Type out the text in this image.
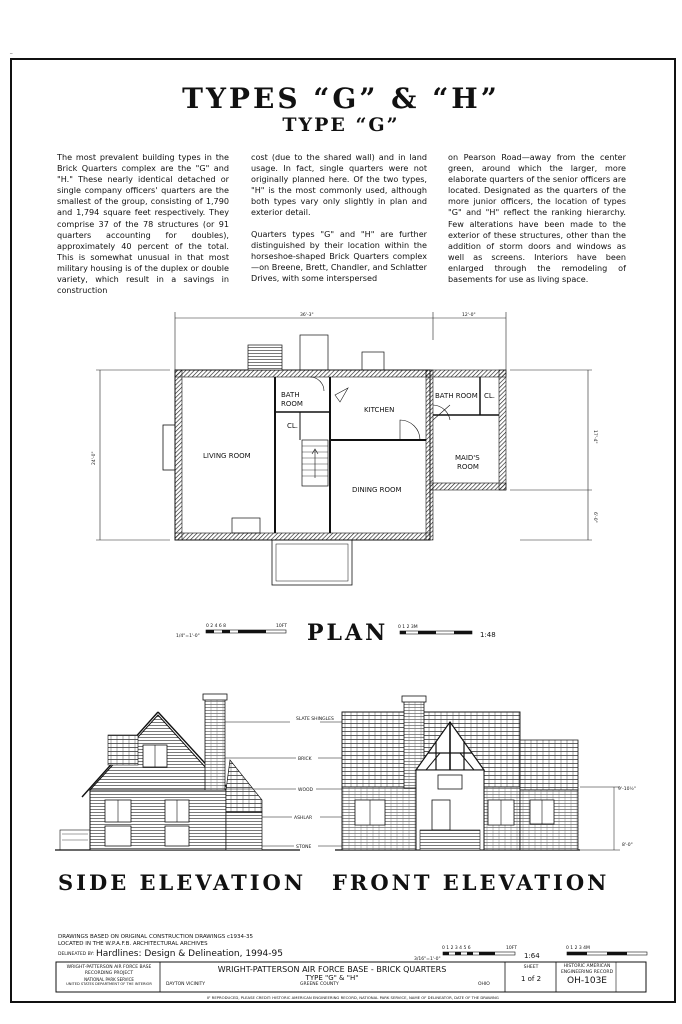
_
TYPES “G” & “H”
TYPE “G”

The most prevalent building types in the Brick Quarters complex are the "G" and "H." These nearly identical detached or single company officers' quarters are the smallest of the group, consisting of 1,790 and 1,794 square feet respectively. They comprise 37 of the 78 structures (or 91 quarters accounting for doubles), approximately 40 percent of the total. This is somewhat unusual in that most military housing is of the duplex or double variety, which result in a savings in construction

cost (due to the shared wall) and in land usage. In fact, single quarters were not originally planned here. Of the two types, "H" is the most commonly used, although both types vary only slightly in plan and exterior detail.

Quarters types "G" and "H" are further distinguished by their location within the horseshoe-shaped Brick Quarters complex—on Breene, Brett, Chandler, and Schlatter Drives, with some interspersed

on Pearson Road—away from the center green, around which the larger, more elaborate quarters of the senior officers are located. Designated as the quarters of the more junior officers, the location of types "G" and "H" reflect the ranking hierarchy. Few alterations have been made to the exterior of these structures, other than the addition of storm doors and windows as well as screens. Interiors have been enlarged through the remodeling of basements for use as living space.

36'-3"	12'-0"
24'-0"
17'-4"
6'-0"
LIVING ROOM
BATH
ROOM
CL.
KITCHEN
BATH ROOM CL.
MAID'S
ROOM
DINING ROOM
1/4"=1'-0"
0 2 4 6 8	10FT PLAN 0 1 2 3M
1:48
SLATE SHINGLES
BRICK
WOOD
ASHLAR
STONE
9'-10½"
8'-0"
3/16"=1'-0"
0 1 2 3 4 5 6	10FT
1:64
0 1 2 3 4M
SIDE ELEVATION FRONT ELEVATION
DRAWINGS BASED ON ORIGINAL CONSTRUCTION DRAWINGS c1934-35
LOCATED IN THE W.P.A.F.B. ARCHITECTURAL ARCHIVES
DELINEATED BY: Hardlines: Design & Delineation, 1994-95
WRIGHT-PATTERSON AIR FORCE BASE
RECORDING PROJECT
NATIONAL PARK SERVICE
UNITED STATES DEPARTMENT OF THE INTERIOR
WRIGHT-PATTERSON AIR FORCE BASE - BRICK QUARTERS
TYPE "G" & "H"
DAYTON VICINITY	GREENE COUNTY	OHIO
SHEET
1 of 2
HISTORIC AMERICAN
ENGINEERING RECORD
OH-103E
IF REPRODUCED, PLEASE CREDIT: HISTORIC AMERICAN ENGINEERING RECORD, NATIONAL PARK SERVICE, NAME OF DELINEATOR, DATE OF THE DRAWING
